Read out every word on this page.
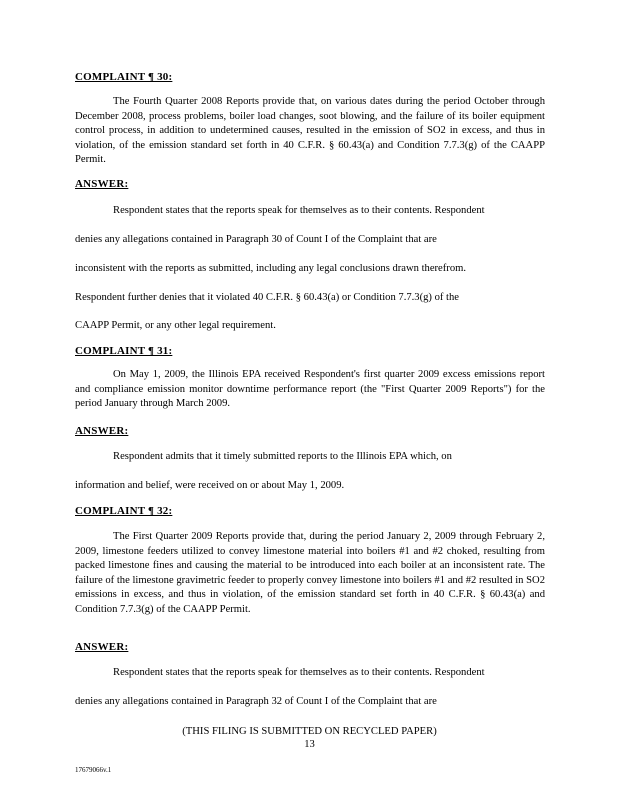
COMPLAINT ¶ 30:
The Fourth Quarter 2008 Reports provide that, on various dates during the period October through December 2008, process problems, boiler load changes, soot blowing, and the failure of its boiler equipment control process, in addition to undetermined causes, resulted in the emission of SO2 in excess, and thus in violation, of the emission standard set forth in 40 C.F.R. § 60.43(a) and Condition 7.7.3(g) of the CAAPP Permit.
ANSWER:
Respondent states that the reports speak for themselves as to their contents. Respondent
denies any allegations contained in Paragraph 30 of Count I of the Complaint that are
inconsistent with the reports as submitted, including any legal conclusions drawn therefrom.
Respondent further denies that it violated 40 C.F.R. § 60.43(a) or Condition 7.7.3(g) of the
CAAPP Permit, or any other legal requirement.
COMPLAINT ¶ 31:
On May 1, 2009, the Illinois EPA received Respondent's first quarter 2009 excess emissions report and compliance emission monitor downtime performance report (the "First Quarter 2009 Reports") for the period January through March 2009.
ANSWER:
Respondent admits that it timely submitted reports to the Illinois EPA which, on
information and belief, were received on or about May 1, 2009.
COMPLAINT ¶ 32:
The First Quarter 2009 Reports provide that, during the period January 2, 2009 through February 2, 2009, limestone feeders utilized to convey limestone material into boilers #1 and #2 choked, resulting from packed limestone fines and causing the material to be introduced into each boiler at an inconsistent rate. The failure of the limestone gravimetric feeder to properly convey limestone into boilers #1 and #2 resulted in SO2 emissions in excess, and thus in violation, of the emission standard set forth in 40 C.F.R. § 60.43(a) and Condition 7.7.3(g) of the CAAPP Permit.
ANSWER:
Respondent states that the reports speak for themselves as to their contents. Respondent
denies any allegations contained in Paragraph 32 of Count I of the Complaint that are
(THIS FILING IS SUBMITTED ON RECYCLED PAPER)
13
17679066v.1
